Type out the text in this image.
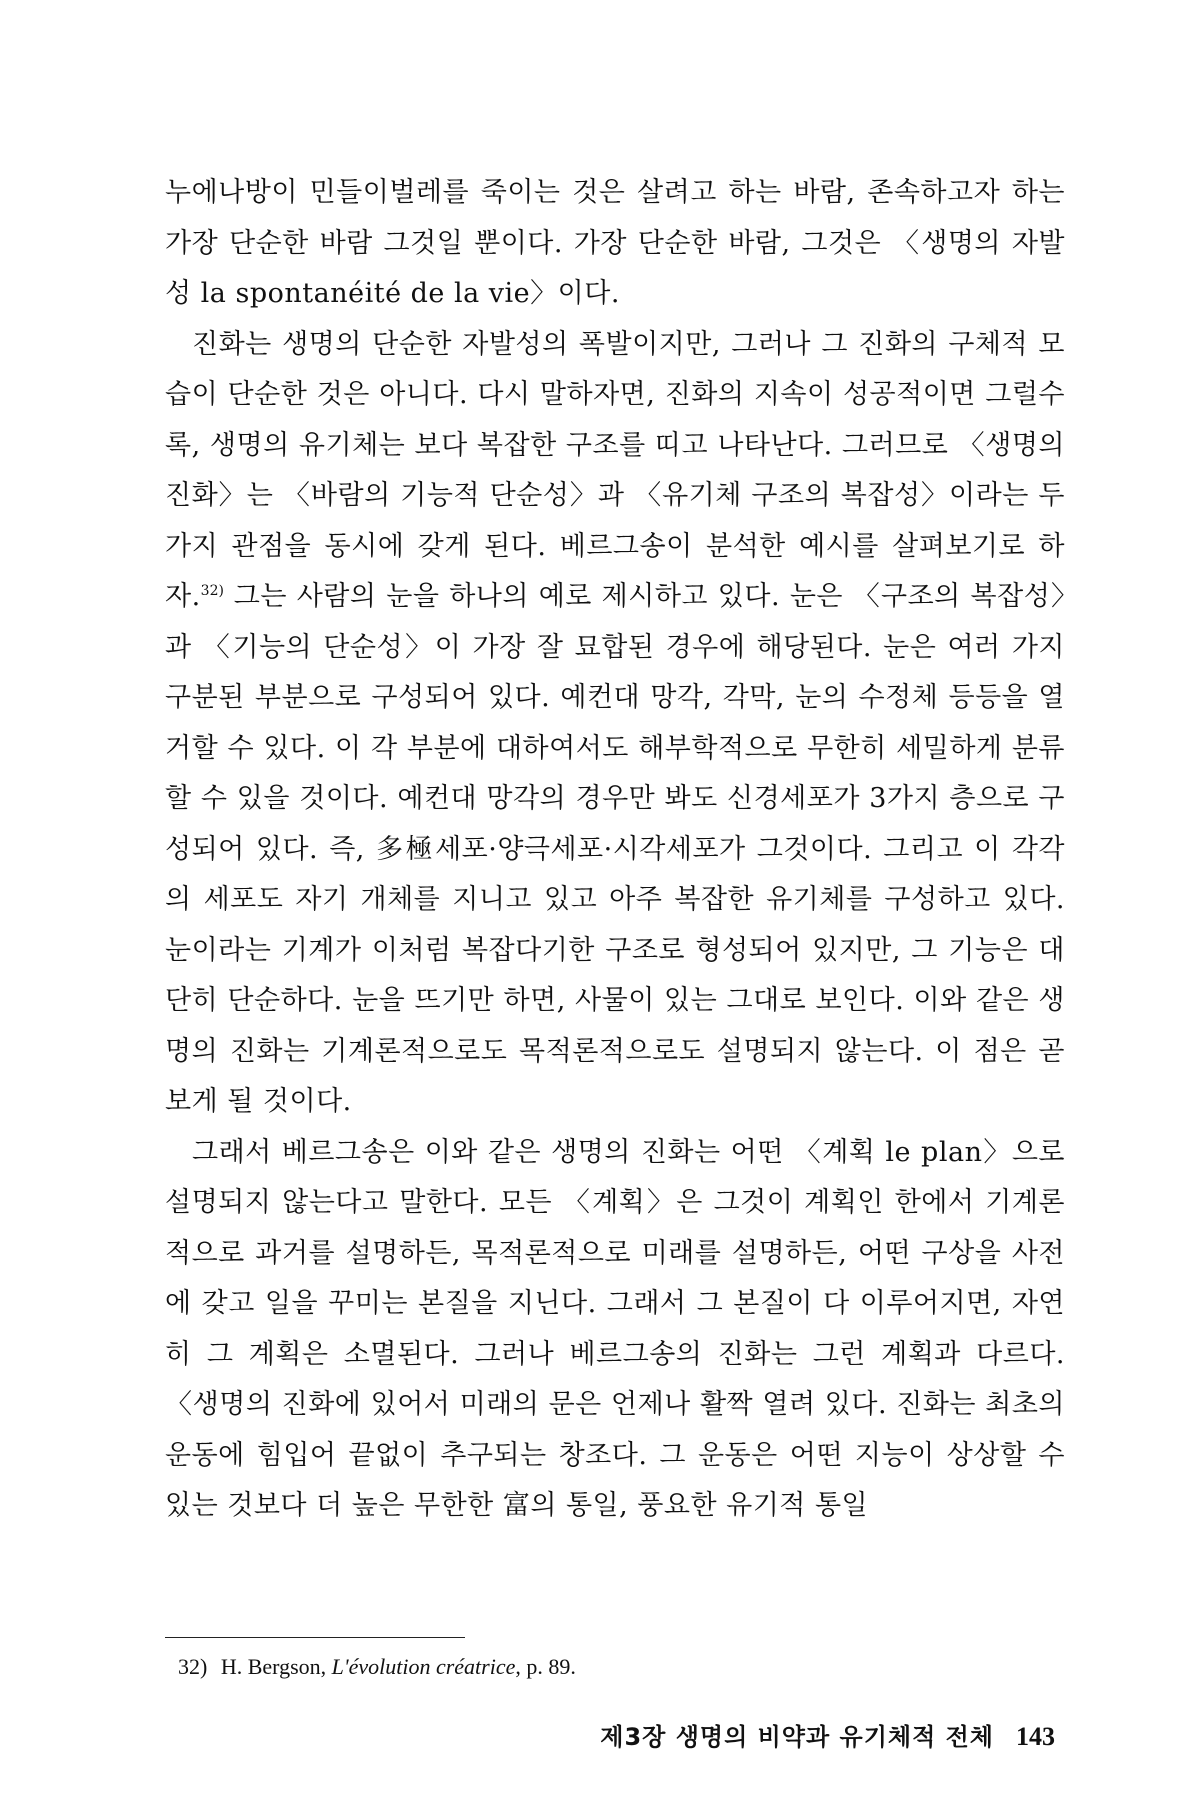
누에나방이 민들이벌레를 죽이는 것은 살려고 하는 바람, 존속하고자 하는 가장 단순한 바람 그것일 뿐이다. 가장 단순한 바람, 그것은 〈생명의 자발성 la spontanéité de la vie〉이다.

진화는 생명의 단순한 자발성의 폭발이지만, 그러나 그 진화의 구체적 모습이 단순한 것은 아니다. 다시 말하자면, 진화의 지속이 성공적이면 그럴수록, 생명의 유기체는 보다 복잡한 구조를 띠고 나타난다. 그러므로 〈생명의 진화〉는 〈바람의 기능적 단순성〉과 〈유기체 구조의 복잡성〉이라는 두 가지 관점을 동시에 갖게 된다. 베르그송이 분석한 예시를 살펴보기로 하자.$^{32)}$ 그는 사람의 눈을 하나의 예로 제시하고 있다. 눈은 〈구조의 복잡성〉과 〈기능의 단순성〉이 가장 잘 묘합된 경우에 해당된다. 눈은 여러 가지 구분된 부분으로 구성되어 있다. 예컨대 망각, 각막, 눈의 수정체 등등을 열거할 수 있다. 이 각 부분에 대하여서도 해부학적으로 무한히 세밀하게 분류할 수 있을 것이다. 예컨대 망각의 경우만 봐도 신경세포가 3가지 층으로 구성되어 있다. 즉, 多極세포·양극세포·시각세포가 그것이다. 그리고 이 각각의 세포도 자기 개체를 지니고 있고 아주 복잡한 유기체를 구성하고 있다. 눈이라는 기계가 이처럼 복잡다기한 구조로 형성되어 있지만, 그 기능은 대단히 단순하다. 눈을 뜨기만 하면, 사물이 있는 그대로 보인다. 이와 같은 생명의 진화는 기계론적으로도 목적론적으로도 설명되지 않는다. 이 점은 곧 보게 될 것이다.

그래서 베르그송은 이와 같은 생명의 진화는 어떤 〈계획 le plan〉으로 설명되지 않는다고 말한다. 모든 〈계획〉은 그것이 계획인 한에서 기계론적으로 과거를 설명하든, 목적론적으로 미래를 설명하든, 어떤 구상을 사전에 갖고 일을 꾸미는 본질을 지닌다. 그래서 그 본질이 다 이루어지면, 자연히 그 계획은 소멸된다. 그러나 베르그송의 진화는 그런 계획과 다르다. 〈생명의 진화에 있어서 미래의 문은 언제나 활짝 열려 있다. 진화는 최초의 운동에 힘입어 끝없이 추구되는 창조다. 그 운동은 어떤 지능이 상상할 수 있는 것보다 더 높은 무한한 富의 통일, 풍요한 유기적 통일

32) H. Bergson, L'évolution créatrice, p. 89.
제3장 생명의 비약과 유기체적 전체 143
